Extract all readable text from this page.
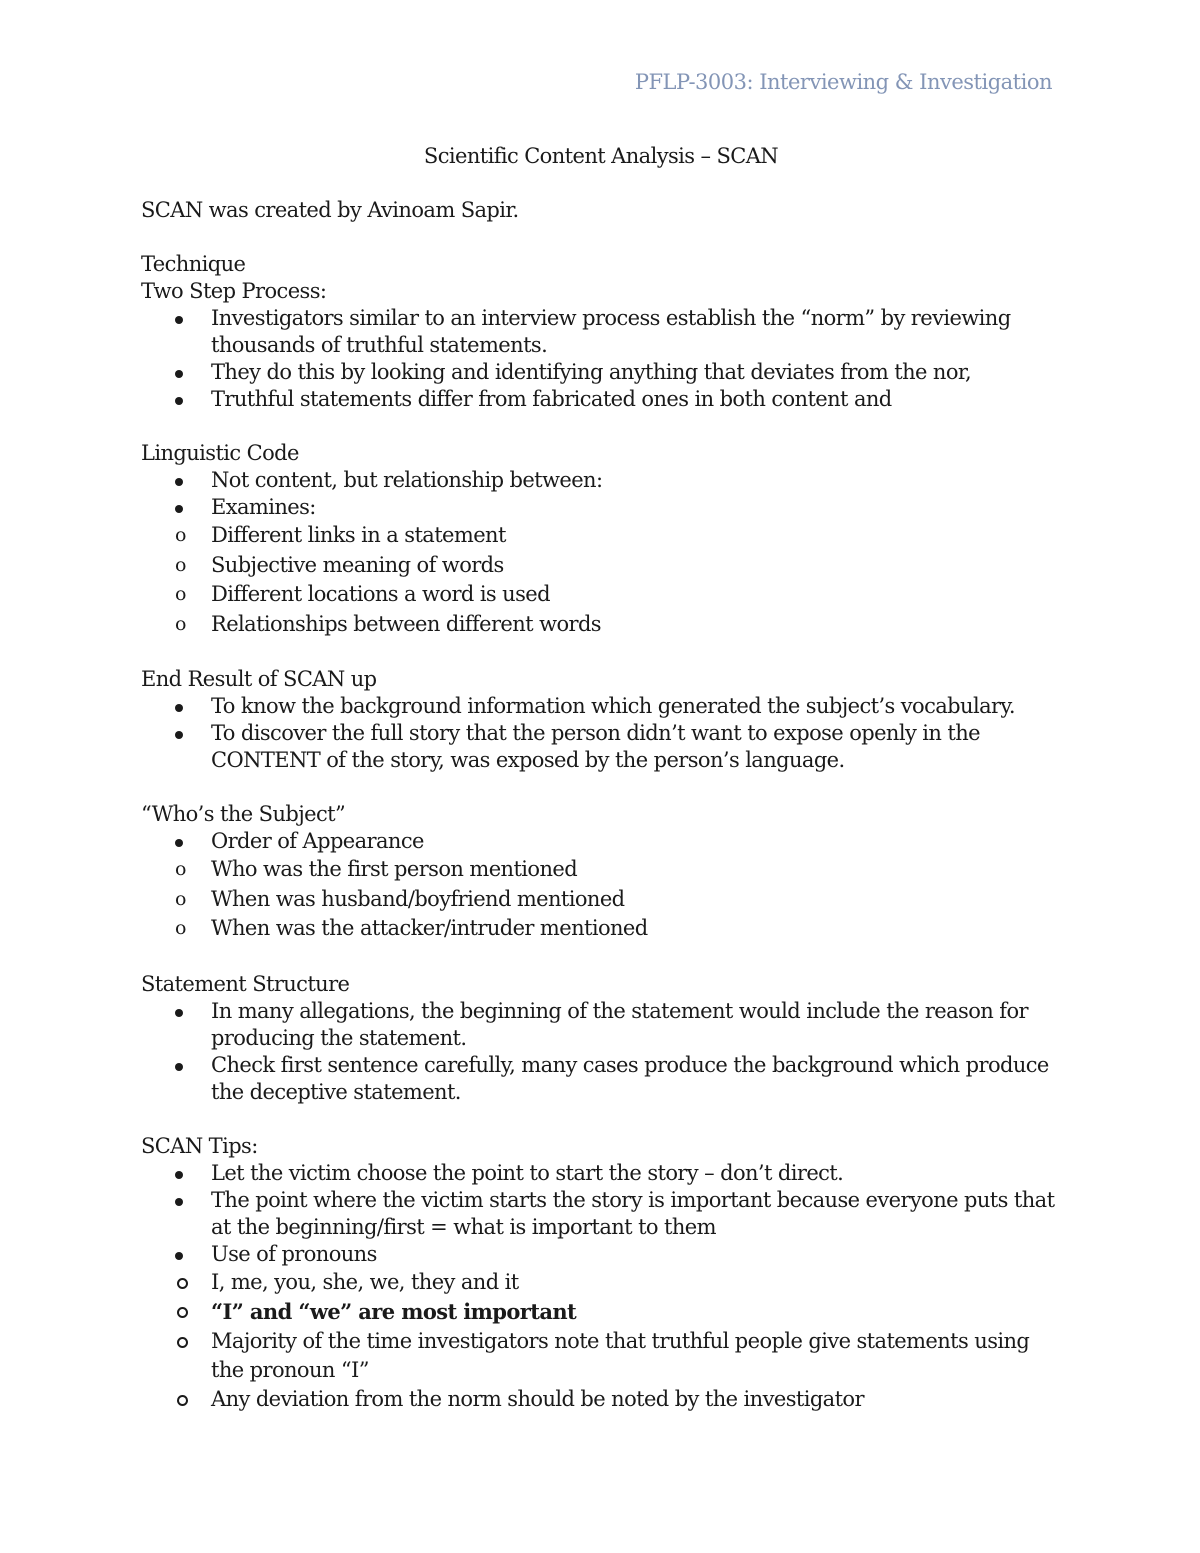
PFLP-3003: Interviewing & Investigation
Scientific Content Analysis – SCAN

SCAN was created by Avinoam Sapir.

Technique

Two Step Process:

Investigators similar to an interview process establish the “norm” by reviewing thousands of truthful statements.
They do this by looking and identifying anything that deviates from the nor,
Truthful statements differ from fabricated ones in both content and

Linguistic Code

Not content, but relationship between:
Examines:
o Different links in a statement
o Subjective meaning of words
o Different locations a word is used
o Relationships between different words

End Result of SCAN up

To know the background information which generated the subject’s vocabulary.
To discover the full story that the person didn’t want to expose openly in the CONTENT of the story, was exposed by the person’s language.

“Who’s the Subject”

Order of Appearance
o Who was the first person mentioned
o When was husband/boyfriend mentioned
o When was the attacker/intruder mentioned

Statement Structure

In many allegations, the beginning of the statement would include the reason for producing the statement.
Check first sentence carefully, many cases produce the background which produce the deceptive statement.

SCAN Tips:

Let the victim choose the point to start the story – don’t direct.
The point where the victim starts the story is important because everyone puts that at the beginning/first = what is important to them
Use of pronouns
I, me, you, she, we, they and it
“I” and “we” are most important
Majority of the time investigators note that truthful people give statements using the pronoun “I”
Any deviation from the norm should be noted by the investigator
